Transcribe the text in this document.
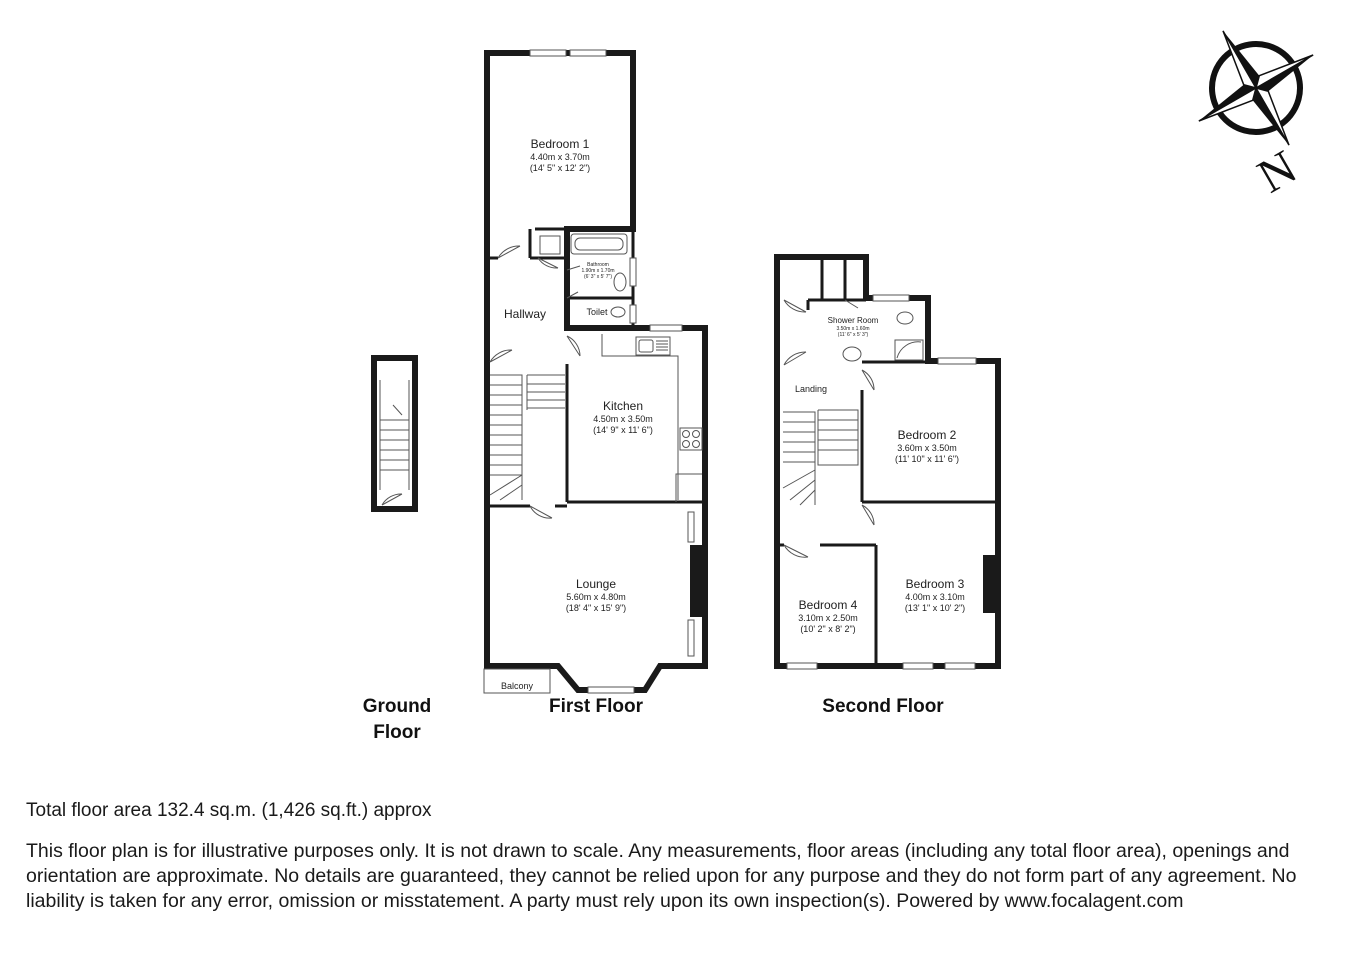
Ground
Floor
Bedroom 1
4.40m x 3.70m
(14' 5" x 12' 2")
Bathroom
1.90m x 1.70m
(6' 3" x 5' 7")
Toilet
Hallway
Kitchen
4.50m x 3.50m
(14' 9" x 11' 6")
Lounge
5.60m x 4.80m
(18' 4" x 15' 9")
Balcony
First Floor
Shower Room
3.50m x 1.60m
(11' 6" x 5' 3")
Landing
Bedroom 2
3.60m x 3.50m
(11' 10" x 11' 6")
Bedroom 3
4.00m x 3.10m
(13' 1" x 10' 2")
Bedroom 4
3.10m x 2.50m
(10' 2" x 8' 2")
Second Floor
N
Total floor area 132.4 sq.m. (1,426 sq.ft.) approx
This floor plan is for illustrative purposes only. It is not drawn to scale. Any measurements, floor areas (including any total floor area), openings and orientation are approximate. No details are guaranteed, they cannot be relied upon for any purpose and they do not form part of any agreement. No liability is taken for any error, omission or misstatement. A party must rely upon its own inspection(s). Powered by www.focalagent.com
